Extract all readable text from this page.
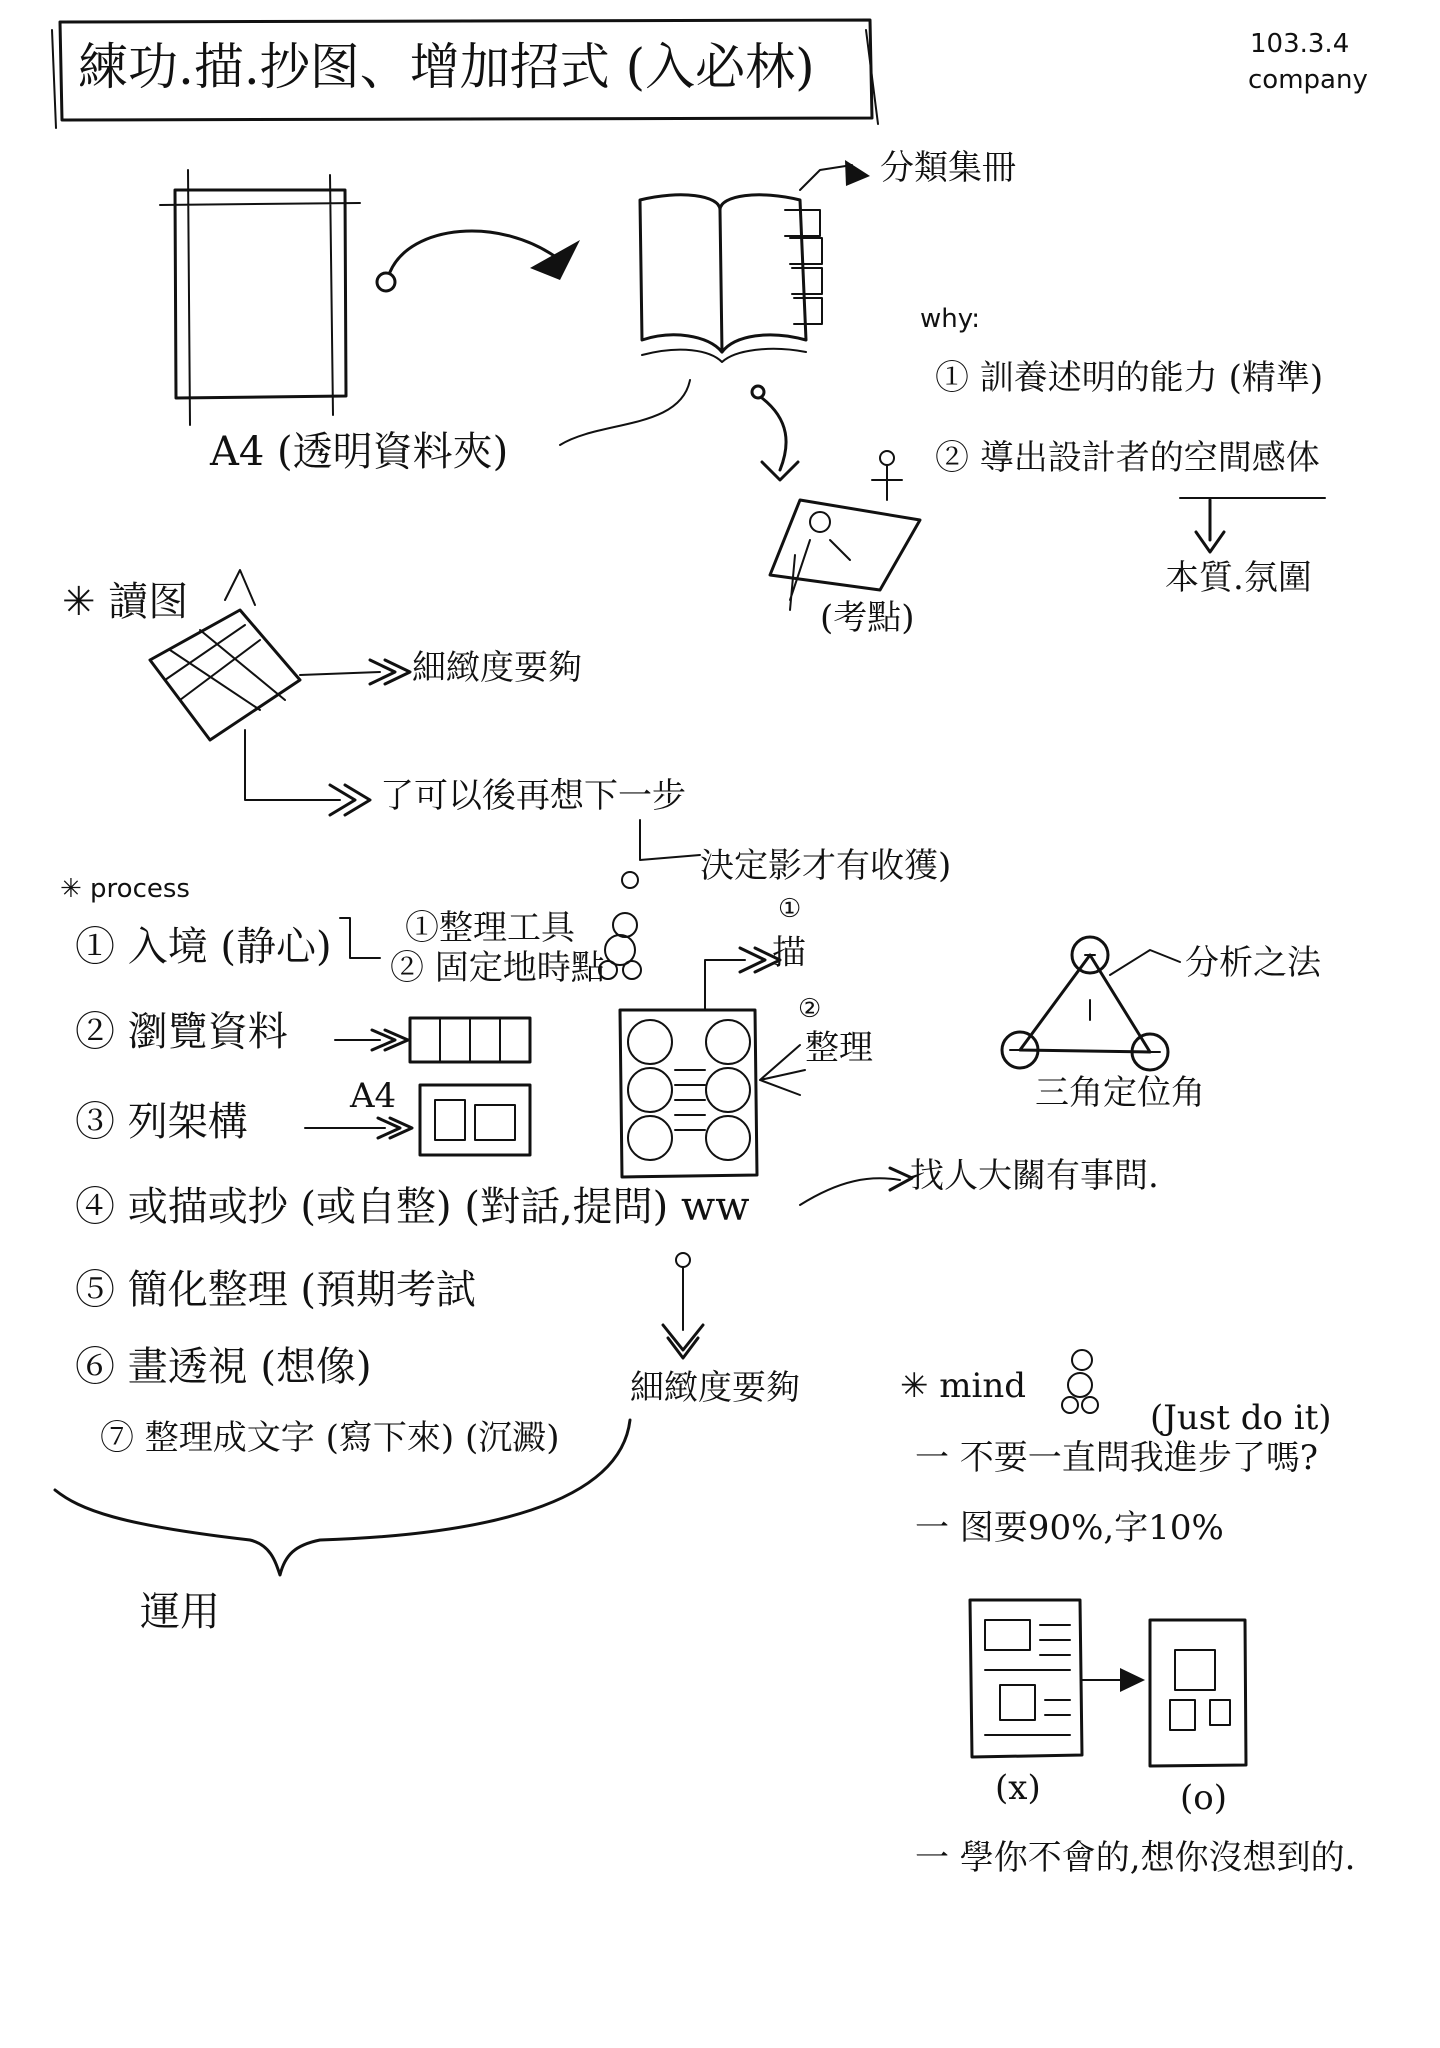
練功.描.抄图、增加招式 (入必林)	103.3.4
company
A4 (透明資料夾)
分類集冊
why:
① 訓養述明的能力 (精準)
② 導出設計者的空間感体
本質.氛圍
(考點)
✳ 讀图
細緻度要夠
了可以後再想下一步
決定影才有收獲)
✳ process
① 入境 (静心) ①整理工具
② 固定地時點
② 瀏覽資料
③ 列架構
A4
④ 或描或抄 (或自整) (對話,提問) ww
⑤ 簡化整理 (預期考試
⑥ 畫透視 (想像)
⑦ 整理成文字 (寫下來) (沉澱)
運用
描
①
整理
②
找人大關有事問.
細緻度要夠
分析之法
三角定位角
✳ mind
(Just do it)
一 不要一直問我進步了嗎?
一 图要90%,字10%
(x)	(o)
一 學你不會的,想你沒想到的.
